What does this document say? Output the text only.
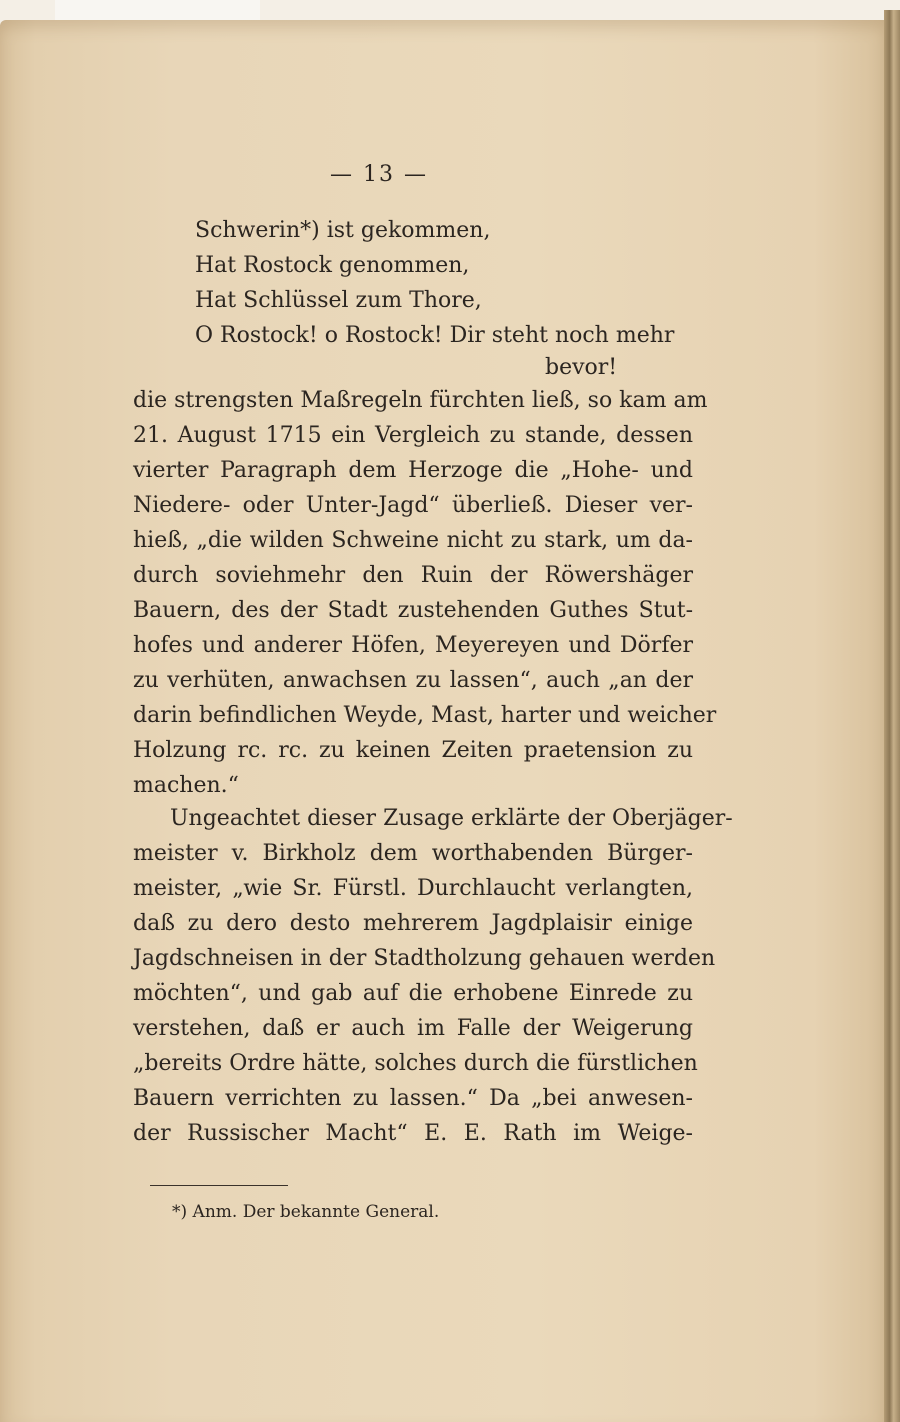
— 13 —
Schwerin*) ist gekommen,
Hat Rostock genommen,
Hat Schlüssel zum Thore,
O Rostock! o Rostock! Dir steht noch mehr
bevor!
die strengsten Maßregeln fürchten ließ, so kam am
21. August 1715 ein Vergleich zu stande, dessen
vierter Paragraph dem Herzoge die „Hohe- und
Niedere- oder Unter-Jagd“ überließ. Dieser ver-
hieß, „die wilden Schweine nicht zu stark, um da-
durch soviehmehr den Ruin der Röwershäger
Bauern, des der Stadt zustehenden Guthes Stut-
hofes und anderer Höfen, Meyereyen und Dörfer
zu verhüten, anwachsen zu lassen“, auch „an der
darin befindlichen Weyde, Mast, harter und weicher
Holzung rc. rc. zu keinen Zeiten praetension zu
machen.“
Ungeachtet dieser Zusage erklärte der Oberjäger-
meister v. Birkholz dem worthabenden Bürger-
meister, „wie Sr. Fürstl. Durchlaucht verlangten,
daß zu dero desto mehrerem Jagdplaisir einige
Jagdschneisen in der Stadtholzung gehauen werden
möchten“, und gab auf die erhobene Einrede zu
verstehen, daß er auch im Falle der Weigerung
„bereits Ordre hätte, solches durch die fürstlichen
Bauern verrichten zu lassen.“ Da „bei anwesen-
der Russischer Macht“ E. E. Rath im Weige-
*) Anm. Der bekannte General.
